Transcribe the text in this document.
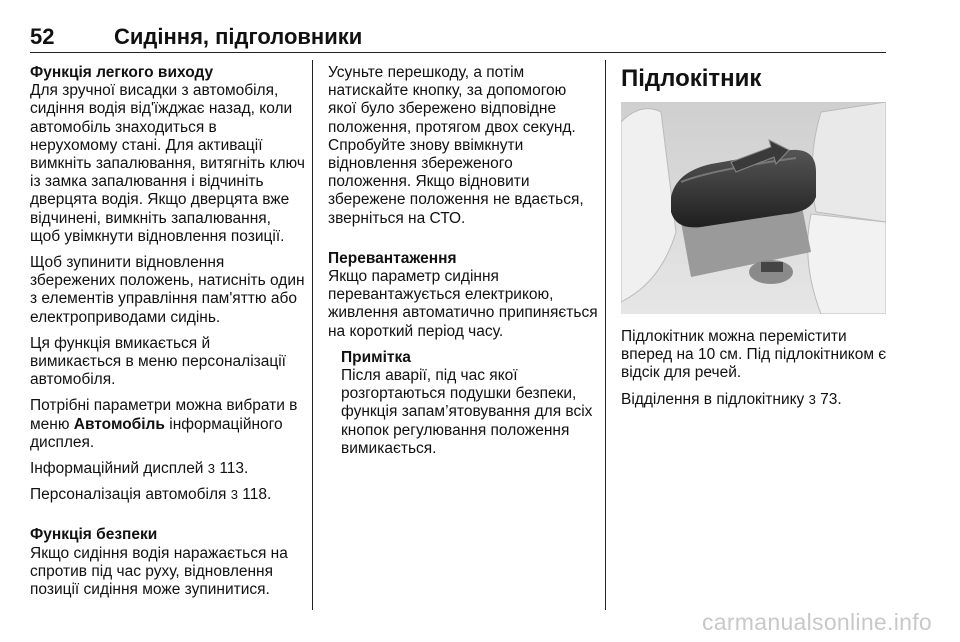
52	Сидіння, підголовники
Функція легкого виходу

Для зручної висадки з автомобіля, сидіння водія від'їжджає назад, коли автомобіль знаходиться в нерухомому стані. Для активації вимкніть запалювання, витягніть ключ із замка запалювання і відчиніть дверцята водія. Якщо дверцята вже відчинені, вимкніть запалювання, щоб увімкнути відновлення позиції.

Щоб зупинити відновлення збережених положень, натисніть один з елементів управління пам'яттю або електроприводами сидінь.

Ця функція вмикається й вимикається в меню персоналізації автомобіля.

Потрібні параметри можна вибрати в меню Автомобіль інформаційного дисплея.

Інформаційний дисплей 3 113.

Персоналізація автомобіля 3 118.

Функція безпеки

Якщо сидіння водія наражається на спротив під час руху, відновлення позиції сидіння може зупинитися.

Усуньте перешкоду, а потім натискайте кнопку, за допомогою якої було збережено відповідне положення, протягом двох секунд. Спробуйте знову ввімкнути відновлення збереженого положення. Якщо відновити збережене положення не вдається, зверніться на СТО.

Перевантаження

Якщо параметр сидіння перевантажується електрикою, живлення автоматично припиняється на короткий період часу.

Примітка

Після аварії, під час якої розгортаються подушки безпеки, функція запам’ятовування для всіх кнопок регулювання положення вимикається.

Підлокітник

Підлокітник можна перемістити вперед на 10 см. Під підлокітником є відсік для речей.

Відділення в підлокітнику 3 73.

carmanualsonline.info
